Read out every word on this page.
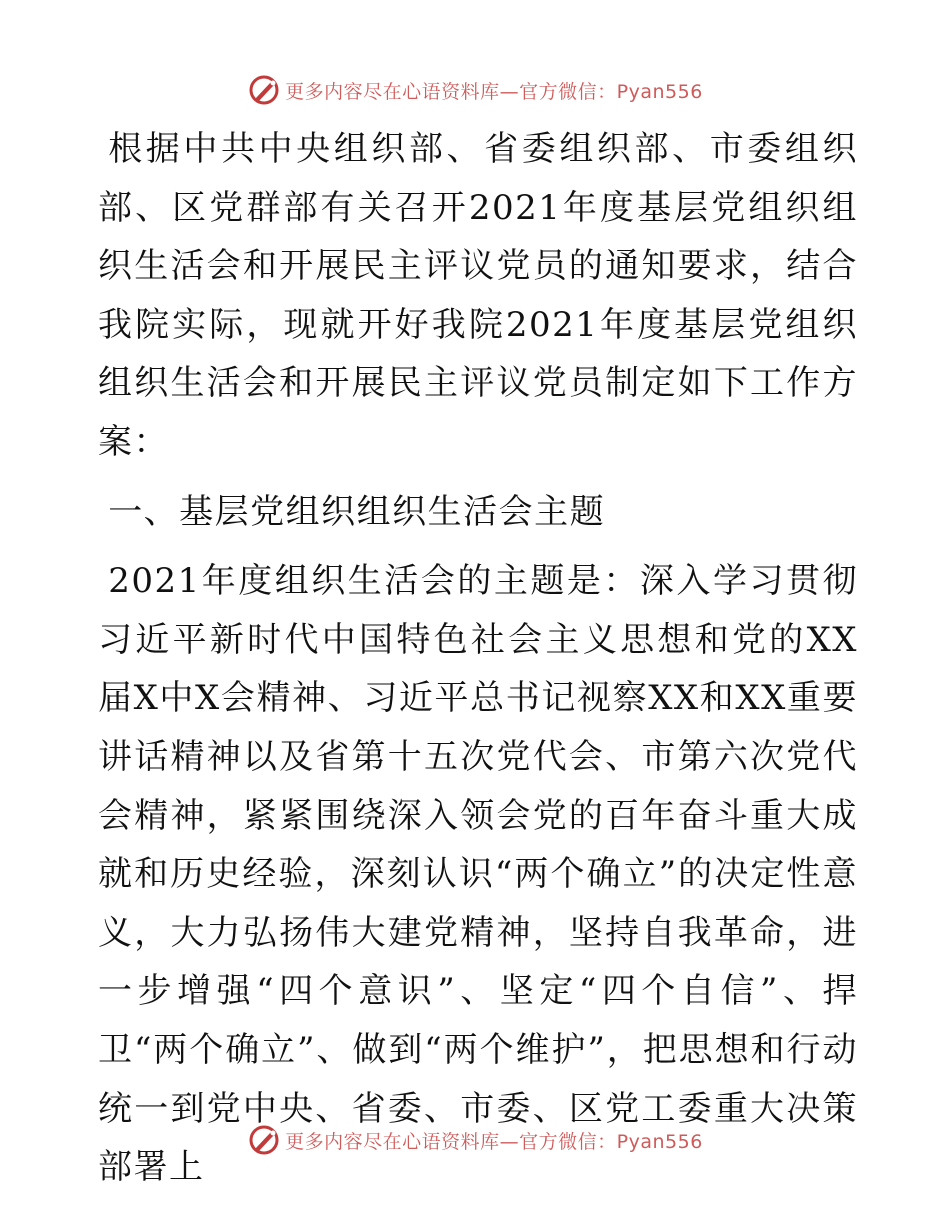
更多内容尽在心语资料库—官方微信：Pyan556

根据中共中央组织部、省委组织部、市委组织部、区党群部有关召开2021年度基层党组织组织生活会和开展民主评议党员的通知要求，结合我院实际，现就开好我院2021年度基层党组织组织生活会和开展民主评议党员制定如下工作方案：

一、基层党组织组织生活会主题

2021年度组织生活会的主题是：深入学习贯彻习近平新时代中国特色社会主义思想和党的XX届X中X会精神、习近平总书记视察XX和XX重要讲话精神以及省第十五次党代会、市第六次党代会精神，紧紧围绕深入领会党的百年奋斗重大成就和历史经验，深刻认识“两个确立”的决定性意义，大力弘扬伟大建党精神，坚持自我革命，进一步增强“四个意识”、坚定“四个自信”、捍卫“两个确立”、做到“两个维护”，把思想和行动统一到党中央、省委、市委、区党工委重大决策部署上

更多内容尽在心语资料库—官方微信：Pyan556
